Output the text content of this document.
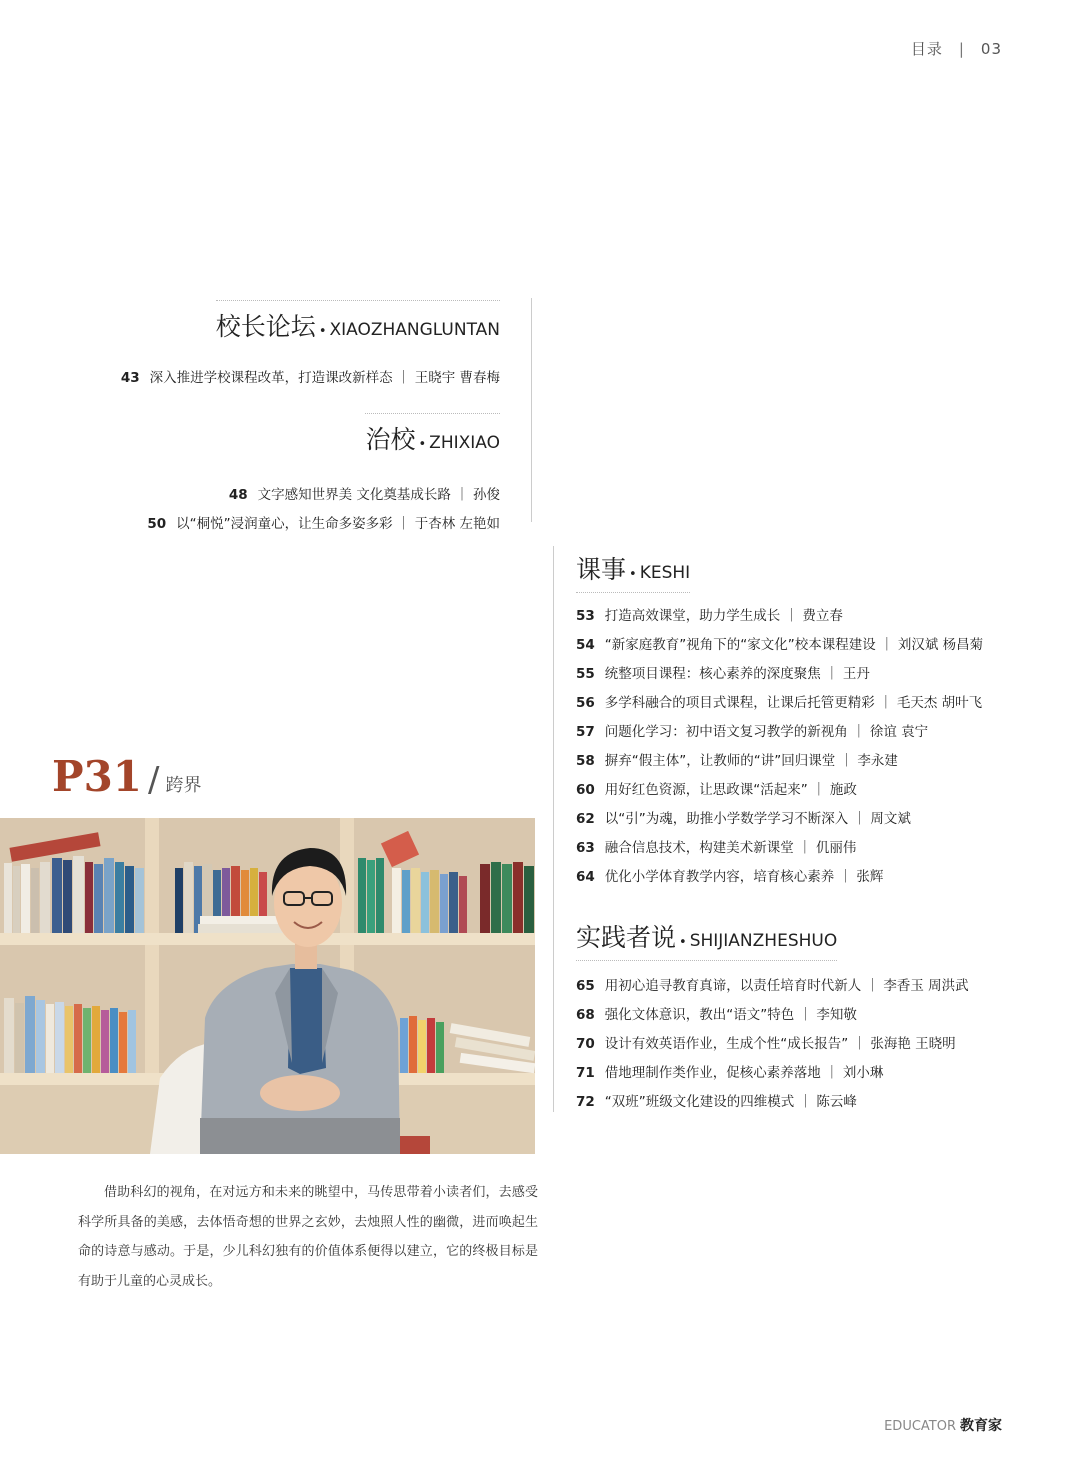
目录 | 03
校长论坛 • XIAOZHANGLUNTAN
43 深入推进学校课程改革，打造课改新样态 ｜ 王晓宇 曹春梅
治校 • ZHIXIAO
48 文字感知世界美 文化奠基成长路 ｜ 孙俊
50 以“桐悦”浸润童心，让生命多姿多彩 ｜ 于杏林 左艳如
课事 • KESHI
53 打造高效课堂，助力学生成长 ｜ 费立春
54 “新家庭教育”视角下的“家文化”校本课程建设 ｜ 刘汉斌 杨昌菊
55 统整项目课程：核心素养的深度聚焦 ｜ 王丹
56 多学科融合的项目式课程，让课后托管更精彩 ｜ 毛天杰 胡叶飞
57 问题化学习：初中语文复习教学的新视角 ｜ 徐谊 袁宁
58 摒弃“假主体”，让教师的“讲”回归课堂 ｜ 李永建
60 用好红色资源，让思政课“活起来” ｜ 施政
62 以“引”为魂，助推小学数学学习不断深入 ｜ 周文斌
63 融合信息技术，构建美术新课堂 ｜ 仉丽伟
64 优化小学体育教学内容，培育核心素养 ｜ 张辉
实践者说 • SHIJIANZHESHUO
65 用初心追寻教育真谛，以责任培育时代新人 ｜ 李香玉 周洪武
68 强化文体意识，教出“语文”特色 ｜ 李知敬
70 设计有效英语作业，生成个性“成长报告” ｜ 张海艳 王晓明
71 借地理制作类作业，促核心素养落地 ｜ 刘小琳
72 “双班”班级文化建设的四维模式 ｜ 陈云峰
P31 / 跨界
借助科幻的视角，在对远方和未来的眺望中，马传思带着小读者们，去感受科学所具备的美感，去体悟奇想的世界之玄妙，去烛照人性的幽微，进而唤起生命的诗意与感动。于是，少儿科幻独有的价值体系便得以建立，它的终极目标是有助于儿童的心灵成长。
EDUCATOR 教育家
